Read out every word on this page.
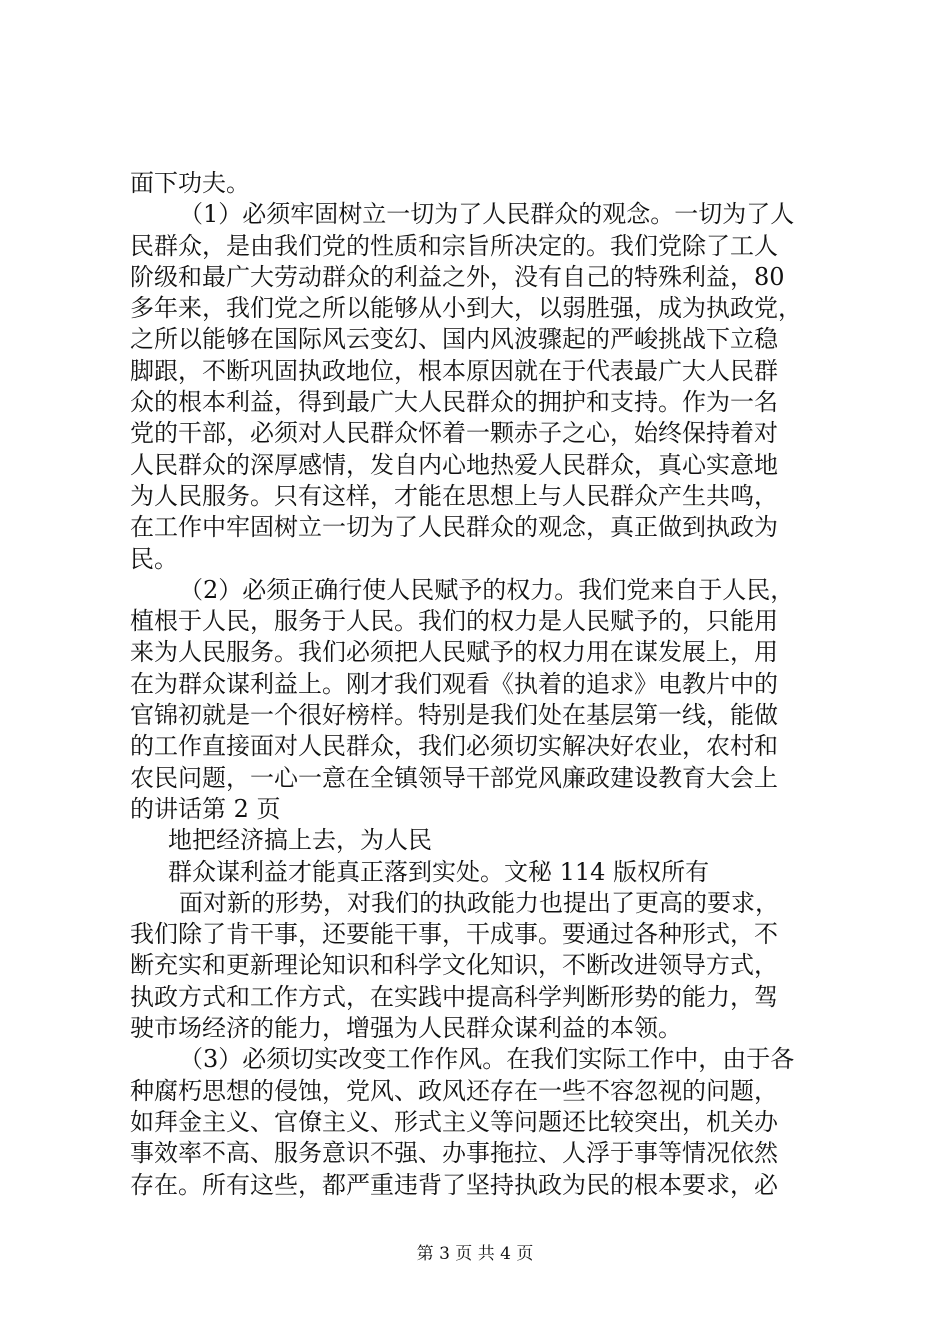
面下功夫。
（1）必须牢固树立一切为了人民群众的观念。一切为了人
民群众，是由我们党的性质和宗旨所决定的。我们党除了工人
阶级和最广大劳动群众的利益之外，没有自己的特殊利益，80
多年来，我们党之所以能够从小到大，以弱胜强，成为执政党，
之所以能够在国际风云变幻、国内风波骤起的严峻挑战下立稳
脚跟，不断巩固执政地位，根本原因就在于代表最广大人民群
众的根本利益，得到最广大人民群众的拥护和支持。作为一名
党的干部，必须对人民群众怀着一颗赤子之心，始终保持着对
人民群众的深厚感情，发自内心地热爱人民群众，真心实意地
为人民服务。只有这样，才能在思想上与人民群众产生共鸣，
在工作中牢固树立一切为了人民群众的观念，真正做到执政为
民。
（2）必须正确行使人民赋予的权力。我们党来自于人民，
植根于人民，服务于人民。我们的权力是人民赋予的，只能用
来为人民服务。我们必须把人民赋予的权力用在谋发展上，用
在为群众谋利益上。刚才我们观看《执着的追求》电教片中的
官锦初就是一个很好榜样。特别是我们处在基层第一线，能做
的工作直接面对人民群众，我们必须切实解决好农业，农村和
农民问题，一心一意在全镇领导干部党风廉政建设教育大会上
的讲话第 2 页
地把经济搞上去，为人民
群众谋利益才能真正落到实处。文秘 114 版权所有
面对新的形势，对我们的执政能力也提出了更高的要求，
我们除了肯干事，还要能干事，干成事。要通过各种形式，不
断充实和更新理论知识和科学文化知识，不断改进领导方式，
执政方式和工作方式，在实践中提高科学判断形势的能力，驾
驶市场经济的能力，增强为人民群众谋利益的本领。
（3）必须切实改变工作作风。在我们实际工作中，由于各
种腐朽思想的侵蚀，党风、政风还存在一些不容忽视的问题，
如拜金主义、官僚主义、形式主义等问题还比较突出，机关办
事效率不高、服务意识不强、办事拖拉、人浮于事等情况依然
存在。所有这些，都严重违背了坚持执政为民的根本要求，必
第 3 页 共 4 页
